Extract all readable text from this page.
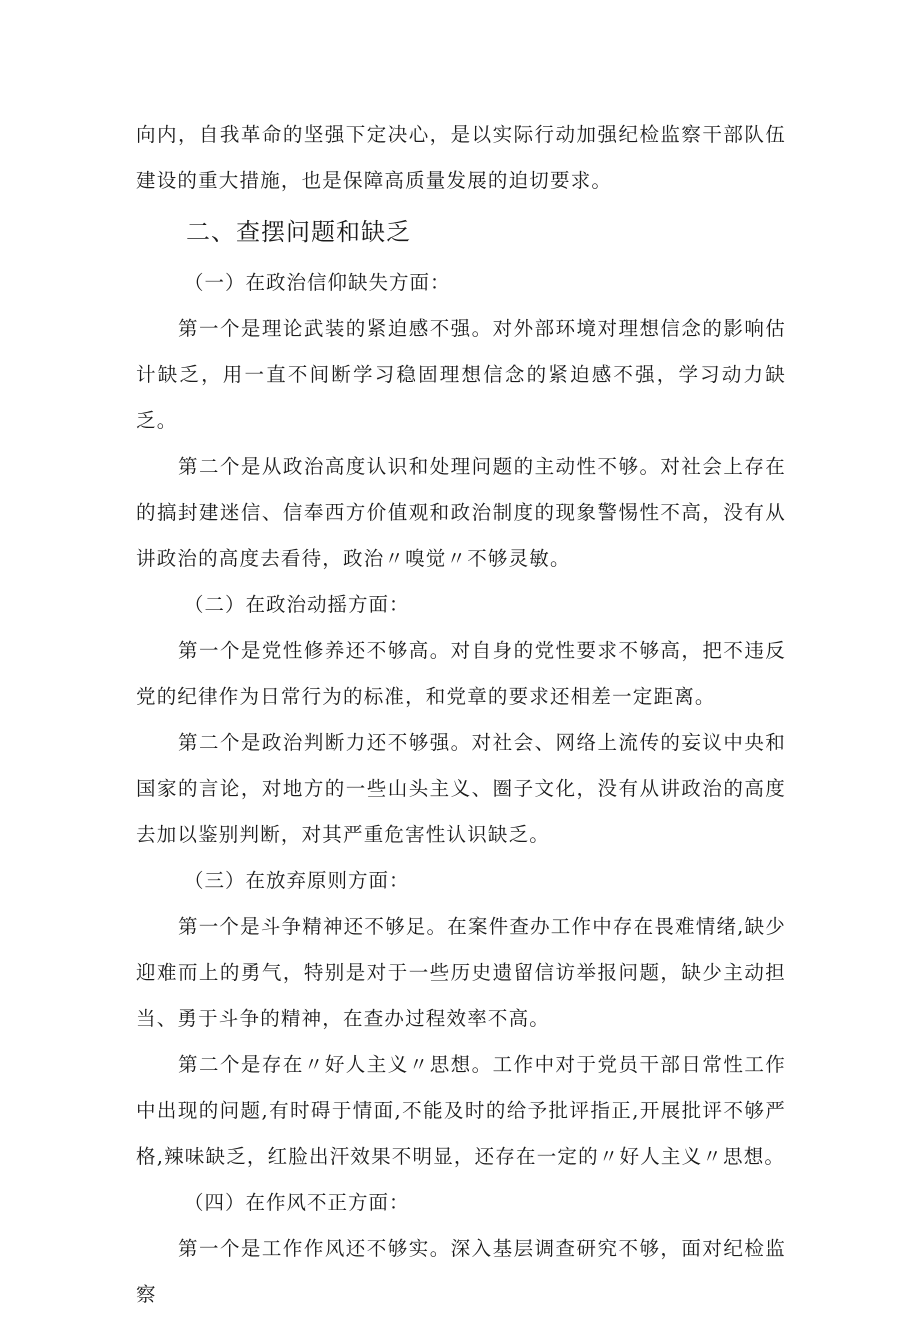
向内，自我革命的坚强下定决心，是以实际行动加强纪检监察干部队伍建设的重大措施，也是保障高质量发展的迫切要求。

二、查摆问题和缺乏

（一）在政治信仰缺失方面：

第一个是理论武装的紧迫感不强。对外部环境对理想信念的影响估计缺乏，用一直不间断学习稳固理想信念的紧迫感不强，学习动力缺乏。

第二个是从政治高度认识和处理问题的主动性不够。对社会上存在的搞封建迷信、信奉西方价值观和政治制度的现象警惕性不高，没有从讲政治的高度去看待，政治〃嗅觉〃不够灵敏。

（二）在政治动摇方面：

第一个是党性修养还不够高。对自身的党性要求不够高，把不违反党的纪律作为日常行为的标准，和党章的要求还相差一定距离。

第二个是政治判断力还不够强。对社会、网络上流传的妄议中央和国家的言论，对地方的一些山头主义、圈子文化，没有从讲政治的高度去加以鉴别判断，对其严重危害性认识缺乏。

（三）在放弃原则方面：

第一个是斗争精神还不够足。在案件查办工作中存在畏难情绪,缺少迎难而上的勇气，特别是对于一些历史遗留信访举报问题，缺少主动担当、勇于斗争的精神，在查办过程效率不高。

第二个是存在〃好人主义〃思想。工作中对于党员干部日常性工作中出现的问题,有时碍于情面,不能及时的给予批评指正,开展批评不够严格,辣味缺乏，红脸出汗效果不明显，还存在一定的〃好人主义〃思想。

（四）在作风不正方面：

第一个是工作作风还不够实。深入基层调查研究不够，面对纪检监察
